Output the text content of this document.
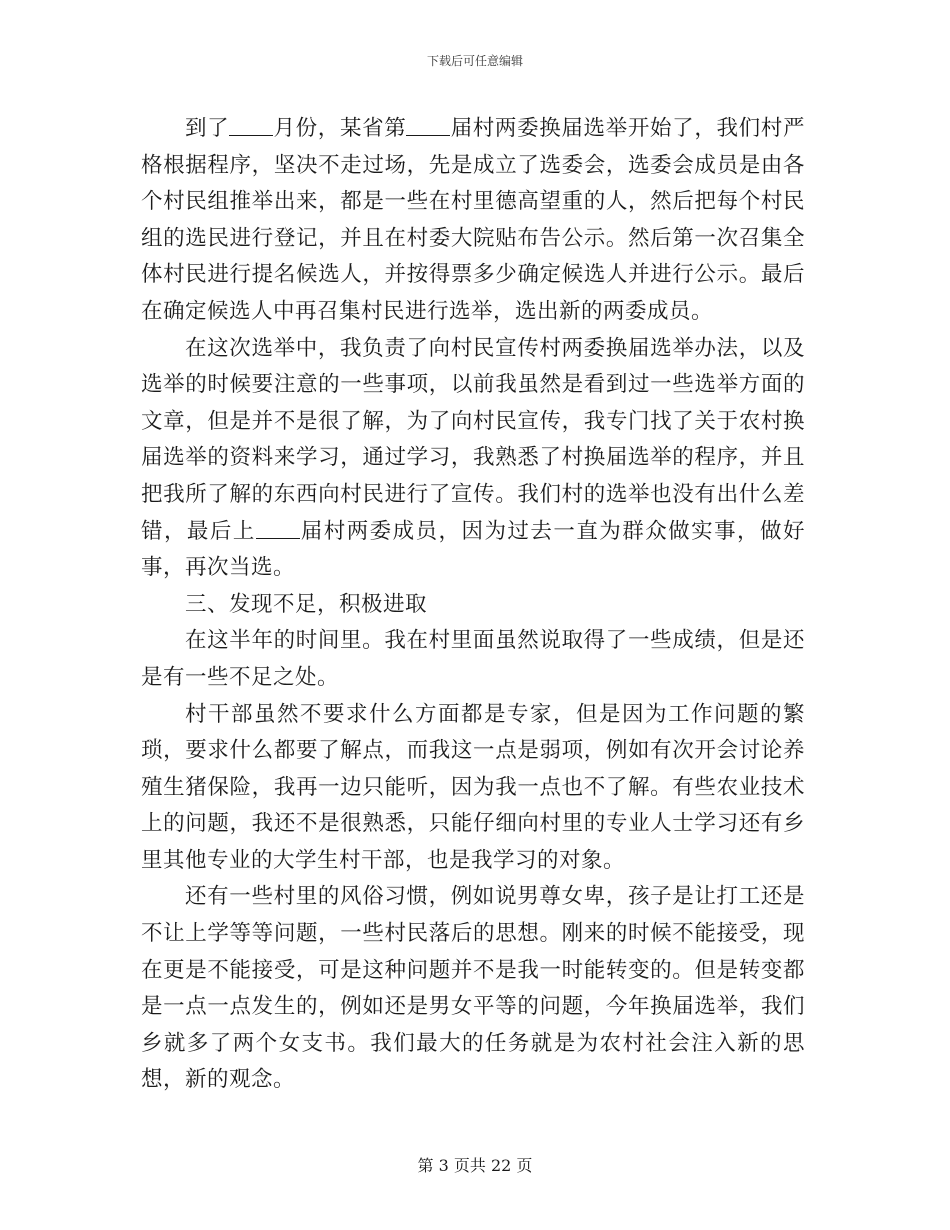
下载后可任意编辑

到了 月份，某省第 届村两委换届选举开始了，我们村严格根据程序，坚决不走过场，先是成立了选委会，选委会成员是由各个村民组推举出来，都是一些在村里德高望重的人，然后把每个村民组的选民进行登记，并且在村委大院贴布告公示。然后第一次召集全体村民进行提名候选人，并按得票多少确定候选人并进行公示。最后在确定候选人中再召集村民进行选举，选出新的两委成员。

在这次选举中，我负责了向村民宣传村两委换届选举办法，以及选举的时候要注意的一些事项，以前我虽然是看到过一些选举方面的文章，但是并不是很了解，为了向村民宣传，我专门找了关于农村换届选举的资料来学习，通过学习，我熟悉了村换届选举的程序，并且把我所了解的东西向村民进行了宣传。我们村的选举也没有出什么差错，最后上 届村两委成员，因为过去一直为群众做实事，做好事，再次当选。

三、发现不足，积极进取

在这半年的时间里。我在村里面虽然说取得了一些成绩，但是还是有一些不足之处。

村干部虽然不要求什么方面都是专家，但是因为工作问题的繁琐，要求什么都要了解点，而我这一点是弱项，例如有次开会讨论养殖生猪保险，我再一边只能听，因为我一点也不了解。有些农业技术上的问题，我还不是很熟悉，只能仔细向村里的专业人士学习还有乡里其他专业的大学生村干部，也是我学习的对象。

还有一些村里的风俗习惯，例如说男尊女卑，孩子是让打工还是不让上学等等问题，一些村民落后的思想。刚来的时候不能接受，现在更是不能接受，可是这种问题并不是我一时能转变的。但是转变都是一点一点发生的，例如还是男女平等的问题，今年换届选举，我们乡就多了两个女支书。我们最大的任务就是为农村社会注入新的思想，新的观念。

第 3 页共 22 页
